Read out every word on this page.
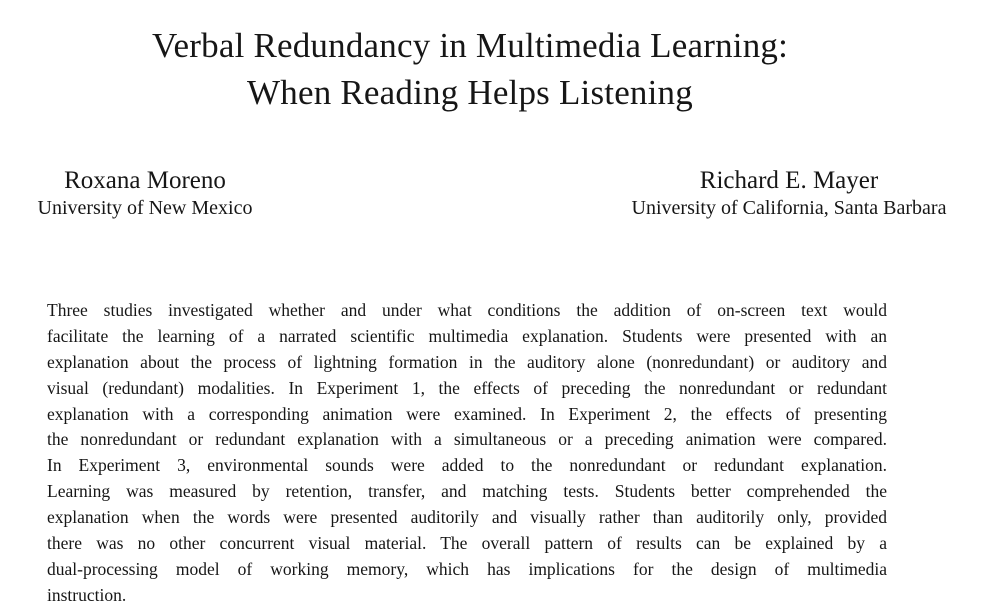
Verbal Redundancy in Multimedia Learning:
When Reading Helps Listening
Roxana Moreno
University of New Mexico
Richard E. Mayer
University of California, Santa Barbara
Three studies investigated whether and under what conditions the addition of on-screen text would
facilitate the learning of a narrated scientific multimedia explanation. Students were presented with an
explanation about the process of lightning formation in the auditory alone (nonredundant) or auditory and
visual (redundant) modalities. In Experiment 1, the effects of preceding the nonredundant or redundant
explanation with a corresponding animation were examined. In Experiment 2, the effects of presenting
the nonredundant or redundant explanation with a simultaneous or a preceding animation were compared.
In Experiment 3, environmental sounds were added to the nonredundant or redundant explanation.
Learning was measured by retention, transfer, and matching tests. Students better comprehended the
explanation when the words were presented auditorily and visually rather than auditorily only, provided
there was no other concurrent visual material. The overall pattern of results can be explained by a
dual-processing model of working memory, which has implications for the design of multimedia
instruction.
